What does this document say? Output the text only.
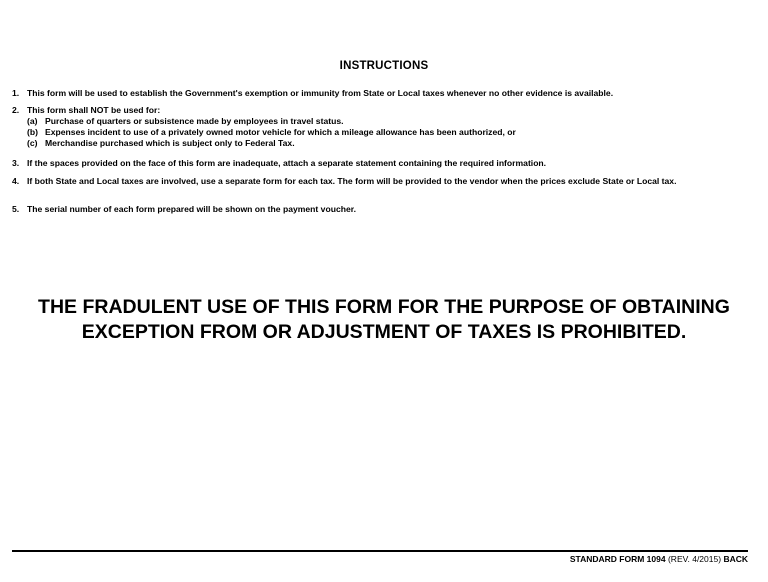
INSTRUCTIONS
1. This form will be used to establish the Government's exemption or immunity from State or Local taxes whenever no other evidence is available.
2. This form shall NOT be used for:
(a) Purchase of quarters or subsistence made by employees in travel status.
(b) Expenses incident to use of a privately owned motor vehicle for which a mileage allowance has been authorized, or
(c) Merchandise purchased which is subject only to Federal Tax.
3. If the spaces provided on the face of this form are inadequate, attach a separate statement containing the required information.
4. If both State and Local taxes are involved, use a separate form for each tax. The form will be provided to the vendor when the prices exclude State or Local tax.
5. The serial number of each form prepared will be shown on the payment voucher.
THE FRADULENT USE OF THIS FORM FOR THE PURPOSE OF OBTAINING
EXCEPTION FROM OR ADJUSTMENT OF TAXES IS PROHIBITED.
STANDARD FORM 1094 (REV. 4/2015) BACK
